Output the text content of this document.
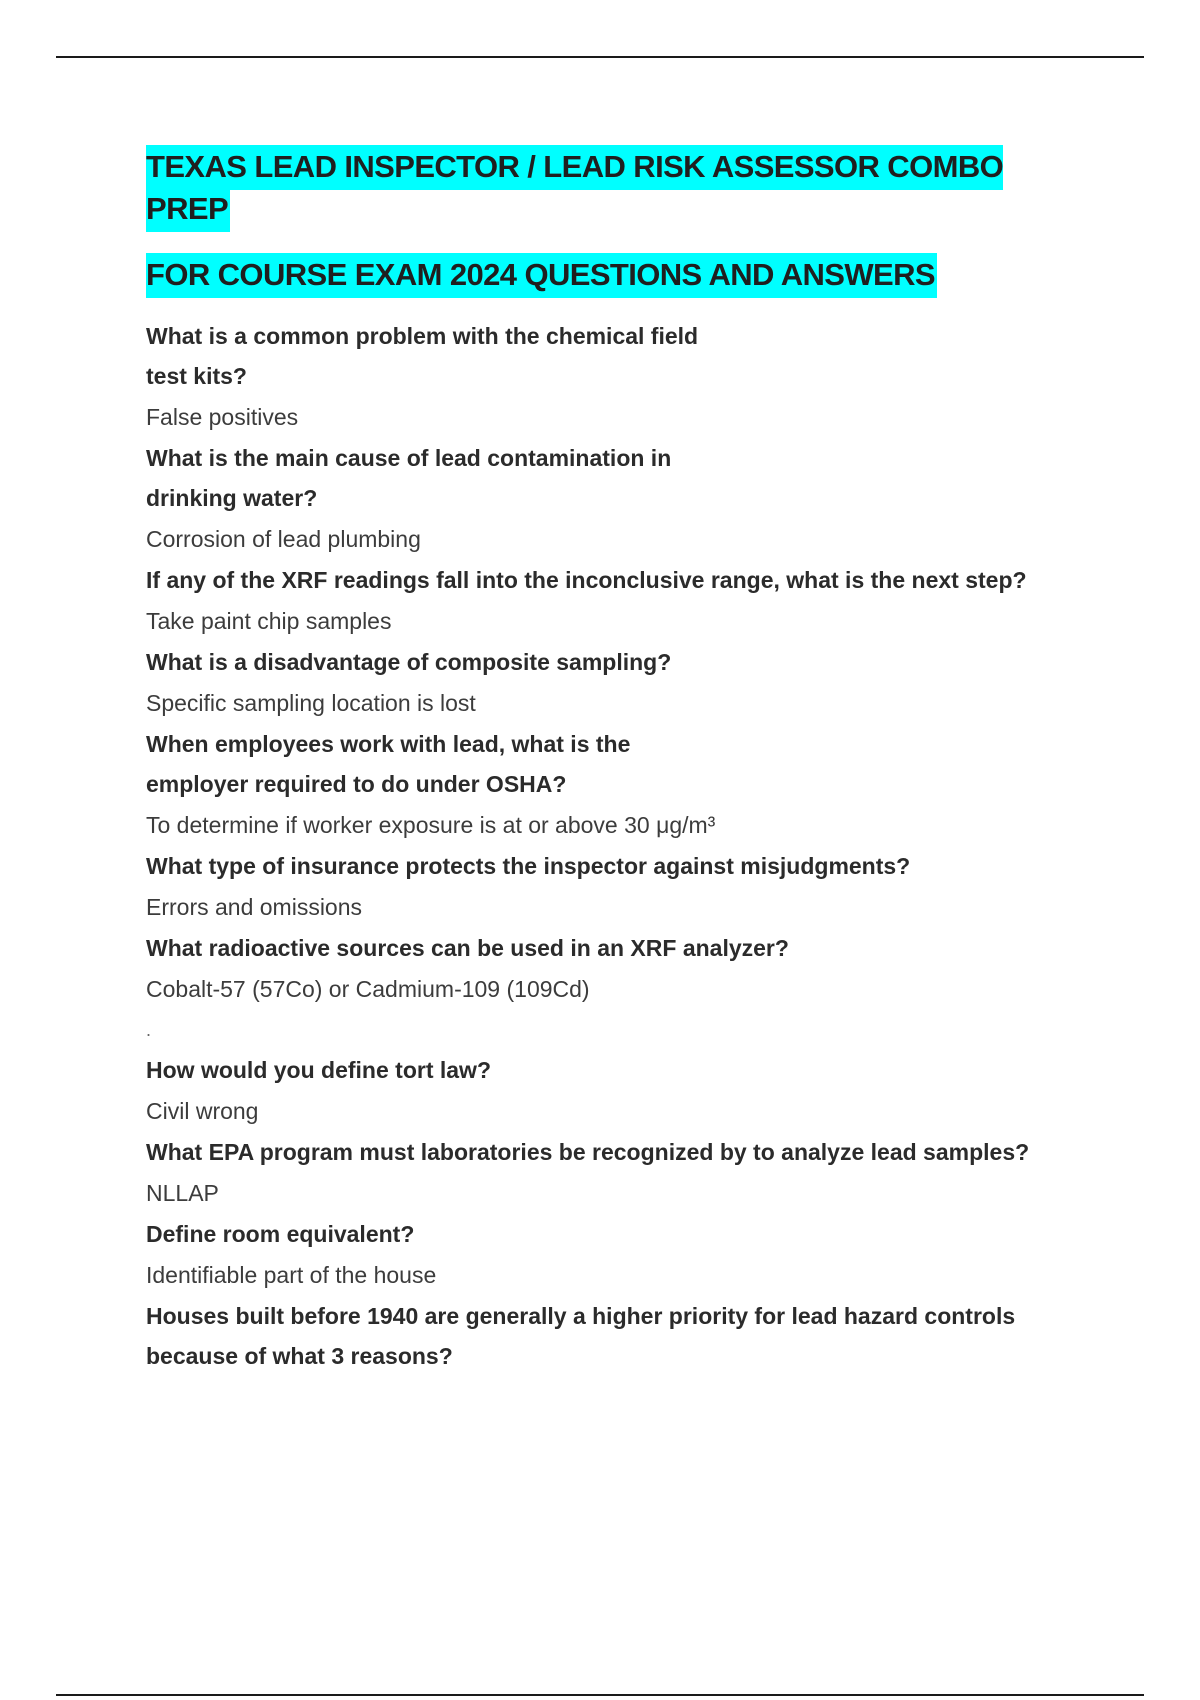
TEXAS LEAD INSPECTOR / LEAD RISK ASSESSOR COMBO PREP
FOR COURSE EXAM 2024 QUESTIONS AND ANSWERS

What is a common problem with the chemical field

test kits?

False positives

What is the main cause of lead contamination in

drinking water?

Corrosion of lead plumbing

If any of the XRF readings fall into the inconclusive range, what is the next step?

Take paint chip samples

What is a disadvantage of composite sampling?

Specific sampling location is lost

When employees work with lead, what is the

employer required to do under OSHA?

To determine if worker exposure is at or above 30 μg/m³

What type of insurance protects the inspector against misjudgments?

Errors and omissions

What radioactive sources can be used in an XRF analyzer?

Cobalt-57 (57Co) or Cadmium-109 (109Cd)

.

How would you define tort law?

Civil wrong

What EPA program must laboratories be recognized by to analyze lead samples?

NLLAP

Define room equivalent?

Identifiable part of the house

Houses built before 1940 are generally a higher priority for lead hazard controls

because of what 3 reasons?
